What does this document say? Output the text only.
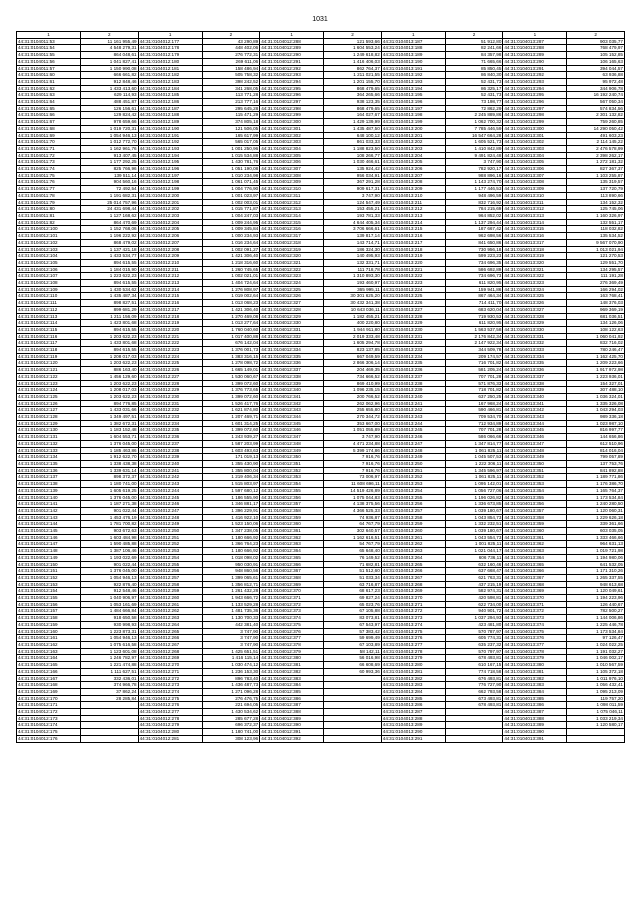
1031
1	2	1	2	1	2	1	2	1	2
44:31:0104011:53	11 161 955,49	44:31:0104012:177	43 290,89	44:31:0104012:288	121 593,66	44:31:0104013:187	51 912,80	44:31:0104013:287	903 035,77
44:31:0104011:54	4 548 279,31	44:31:0104012:178	448 402,06	44:31:0104012:289	1 604 553,24	44:31:0104013:188	82 241,66	44:31:0104013:288	768 479,97
44:31:0104011:55	864 048,61	44:31:0104012:179	276 772,31	44:31:0104012:290	1 249 618,82	44:31:0104013:189	84 357,98	44:31:0104013:289	105 152,85
44:31:0104011:56	1 041 827,41	44:31:0104012:180	269 611,06	44:31:0104012:291	1 416 406,03	44:31:0104013:190	71 665,66	44:31:0104013:290	106 165,63
44:31:0104011:57	1 150 990,08	44:31:0104012:181	158 486,94	44:31:0104012:292	862 764,37	44:31:0104013:191	85 850,45	44:31:0104013:291	394 044,57
44:31:0104011:60	666 661,82	44:31:0104012:182	505 758,32	44:31:0104012:293	1 211 021,55	44:31:0104013:192	86 840,30	44:31:0104013:292	63 936,88
44:31:0104011:61	912 848,46	44:31:0104012:183	398 242,52	44:31:0104012:294	1 201 155,70	44:31:0104013:193	52 431,73	44:31:0104013:293	95 972,48
44:31:0104011:62	1 433 413,60	44:31:0104012:184	341 268,05	44:31:0104012:295	868 479,65	44:31:0104013:194	86 325,17	44:31:0104013:294	344 906,78
44:31:0104011:63	629 114,93	44:31:0104012:185	113 771,28	44:31:0104012:296	364 265,66	44:31:0104013:195	52 431,73	44:31:0104013:295	16 192 240,74
44:31:0104011:64	488 451,87	44:31:0104012:186	213 777,16	44:31:0104012:297	938 123,35	44:31:0104013:196	73 198,77	44:31:0104013:296	567 050,34
44:31:0104011:65	126 156,61	44:31:0104012:187	295 645,28	44:31:0104012:298	868 479,65	44:31:0104013:197	72 862,29	44:31:0104013:297	574 834,56
44:31:0104011:66	129 824,42	44:31:0104012:188	115 471,29	44:31:0104012:299	164 027,67	44:31:0104013:198	2 245 889,86	44:31:0104013:298	2 301 132,82
44:31:0104011:67	978 659,66	44:31:0104012:189	374 805,18	44:31:0104012:300	1 429 139,99	44:31:0104013:199	1 062 700,32	44:31:0104013:299	759 260,85
44:31:0104011:68	1 019 720,31	44:31:0104012:190	121 506,05	44:31:0104012:301	1 435 487,50	44:31:0104013:200	7 785 446,59	44:31:0104013:300	14 290 050,42
44:31:0104011:69	1 054 946,13	44:31:0104012:191	165 617,99	44:31:0104012:302	648 100,12	44:31:0104013:201	16 547 664,28	44:31:0104013:301	491 603,23
44:31:0104011:70	1 012 772,70	44:31:0104012:192	565 017,05	44:31:0104012:303	861 033,33	44:31:0104013:202	1 605 521,73	44:31:0104013:302	2 114 145,22
44:31:0104011:71	1 162 961,76	44:31:0104012:193	1 001 250,96	44:31:0104012:304	1 188 823,50	44:31:0104013:203	1 410 842,89	44:31:0104013:303	2 476 578,99
44:31:0104011:72	913 407,45	44:31:0104012:194	1 015 534,88	44:31:0104012:305	108 266,77	44:31:0104013:204	9 491 824,48	44:31:0104013:304	2 398 262,17
44:31:0104011:73	1 177 292,25	44:31:0104012:195	1 430 781,76	44:31:0104012:306	1 030 466,61	44:31:0104013:205	3 747,90	44:31:0104013:305	1 272 181,32
44:31:0104011:74	825 766,96	44:31:0104012:196	1 051 190,08	44:31:0104012:307	135 924,42	44:31:0104013:206	782 920,17	44:31:0104013:306	827 367,37
44:31:0104011:75	139 511,14	44:31:0104012:197	1 010 234,98	44:31:0104012:308	956 034,91	44:31:0104013:207	988 896,16	44:31:0104013:307	1 103 255,87
44:31:0104011:76	904 560,16	44:31:0104012:198	1 061 071,45	44:31:0104012:309	367 291,28	44:31:0104013:208	1 143 274,70	44:31:0104013:308	135 319,57
44:31:0104011:77	72 492,54	44:31:0104012:199	1 004 776,90	44:31:0104012:310	909 617,31	44:31:0104013:209	1 177 446,53	44:31:0104013:309	137 720,79
44:31:0104011:78	1 191 682,31	44:31:0104012:200	1 001 023,97	44:31:0104012:311	3 747,90	44:31:0104013:210	948 496,59	44:31:0104013:310	113 890,66
44:31:0104011:79	25 014 757,96	44:31:0104012:201	1 002 003,01	44:31:0104012:312	124 547,49	44:31:0104013:211	832 716,92	44:31:0104013:311	134 152,32
44:31:0104011:80	24 431 698,44	44:31:0104012:202	1 015 771,87	44:31:0104012:313	153 455,21	44:31:0104013:212	784 215,69	44:31:0104013:312	125 745,06
44:31:0104011:81	1 127 168,62	44:31:0104012:203	1 004 247,03	44:31:0104012:314	193 781,33	44:31:0104013:213	964 852,02	44:31:0104013:313	1 160 326,97
44:31:0104011:82	864 470,69	44:31:0104012:204	1 009 244,95	44:31:0104012:315	4 644 405,34	44:31:0104013:214	1 137 294,44	44:31:0104013:314	132 551,17
44:31:0104012:100	1 152 768,06	44:31:0104012:205	1 009 345,84	44:31:0104012:316	3 706 666,61	44:31:0104013:215	187 667,42	44:31:0104013:315	118 032,82
44:31:0104012:101	1 196 222,92	44:31:0104012:206	1 000 234,93	44:31:0104012:317	139 817,14	44:31:0104013:216	962 698,56	44:31:0104013:316	135 534,52
44:31:0104012:102	868 479,02	44:31:0104012:207	1 016 234,64	44:31:0104012:318	143 714,71	44:31:0104013:217	841 650,86	44:31:0104013:317	9 567 070,90
44:31:0104012:103	1 137 421,18	44:31:0104012:208	1 002 091,27	44:31:0104012:319	186 324,30	44:31:0104013:218	730 956,18	44:31:0104013:318	1 013 021,94
44:31:0104012:104	1 433 534,77	44:31:0104012:209	1 421 306,40	44:31:0104012:320	140 495,93	44:31:0104013:219	599 223,23	44:31:0104013:319	121 270,53
44:31:0104012:105	894 615,55	44:31:0104012:210	1 218 316,60	44:31:0104012:321	132 331,71	44:31:0104013:220	734 696,35	44:31:0104013:320	129 551,70
44:31:0104012:106	1 184 015,90	44:31:0104012:211	1 260 745,65	44:31:0104012:322	111 718,78	44:31:0104013:221	586 692,89	44:31:0104013:321	134 295,57
44:31:0104012:107	1 223 622,23	44:31:0104012:212	1 002 021,01	44:31:0104012:323	1 310 893,30	44:31:0104013:222	734 696,73	44:31:0104013:322	111 191,28
44:31:0104012:108	894 615,55	44:31:0104012:213	1 404 724,64	44:31:0104012:324	193 460,97	44:31:0104013:223	611 820,95	44:31:0104013:323	276 369,49
44:31:0104012:109	1 430 534,62	44:31:0104012:214	1 276 808,97	44:31:0104012:325	365 995,11	44:31:0104013:224	159 941,86	44:31:0104013:324	166 294,02
44:31:0104012:110	1 435 487,34	44:31:0104012:215	1 019 002,64	44:31:0104012:326	30 301 625,20	44:31:0104013:225	867 464,34	44:31:0104013:325	163 768,41
44:31:0104012:111	898 827,51	44:31:0104012:216	1 013 068,23	44:31:0104012:327	30 432 341,38	44:31:0104013:226	714 411,70	44:31:0104013:326	148 376,03
44:31:0104012:112	899 681,29	44:31:0104012:217	1 421 306,40	44:31:0104012:328	10 643 036,11	44:31:0104013:227	683 620,04	44:31:0104013:327	969 369,19
44:31:0104012:113	1 211 156,09	44:31:0104012:218	1 270 469,08	44:31:0104012:329	1 182 455,21	44:31:0104013:228	719 930,53	44:31:0104013:328	681 036,51
44:31:0104012:114	1 423 801,68	44:31:0104012:219	1 013 277,64	44:31:0104012:330	400 220,80	44:31:0104013:229	611 820,95	44:31:0104013:329	134 126,06
44:31:0104012:115	894 615,55	44:31:0104012:220	1 760 040,60	44:31:0104012:331	1 944 911,80	44:31:0104013:230	1 563 537,58	44:31:0104013:330	108 122,63
44:31:0104012:116	1 203 622,23	44:31:0104012:221	1 017 400,88	44:31:0104012:332	2 019 333,48	44:31:0104013:231	2 176 842,34	44:31:0104013:331	1 060 041,92
44:31:0104012:117	1 433 801,68	44:31:0104012:222	676 142,04	44:31:0104012:333	1 605 294,78	44:31:0104013:232	2 147 922,34	44:31:0104013:332	832 716,02
44:31:0104012:118	894 615,55	44:31:0104012:223	1 376 001,73	44:31:0104012:334	823 137,85	44:31:0104013:233	344 509,78	44:31:0104013:333	780 246,47
44:31:0104012:119	1 208 017,03	44:31:0104012:224	1 383 316,15	44:31:0104012:335	667 049,59	44:31:0104013:234	209 174,57	44:31:0104013:334	1 162 425,70
44:31:0104012:120	1 203 622,23	44:31:0104012:225	1 278 098,72	44:31:0104012:336	2 866 306,14	44:31:0104013:235	716 701,82	44:31:0104013:335	1 209 223,66
44:31:0104012:121	886 163,40	44:31:0104012:226	1 665 149,01	44:31:0104012:337	204 469,35	44:31:0104013:236	581 205,24	44:31:0104013:336	1 917 972,98
44:31:0104012:122	1 456 129,60	44:31:0104012:227	1 530 060,67	44:31:0104012:338	734 666,52	44:31:0104013:237	707 701,28	44:31:0104013:337	1 223 936,01
44:31:0104012:123	1 203 622,23	44:31:0104012:228	1 399 072,60	44:31:0104012:339	869 410,99	44:31:0104013:238	571 876,33	44:31:0104013:338	154 327,01
44:31:0104012:124	1 208 017,03	44:31:0104012:229	1 376 773,65	44:31:0104012:340	1 096 235,15	44:31:0104013:239	718 701,82	44:31:0104013:339	307 488,10
44:31:0104012:125	1 203 622,23	44:31:0104012:230	1 399 072,60	44:31:0104012:341	200 766,52	44:31:0104013:240	637 250,25	44:31:0104013:340	1 036 324,01
44:31:0104012:126	894 776,85	44:31:0104012:231	1 526 417,76	44:31:0104012:342	262 062,96	44:31:0104013:241	167 968,24	44:31:0104013:341	1 335 326,08
44:31:0104012:127	1 433 031,66	44:31:0104012:232	1 621 874,80	44:31:0104012:343	255 655,80	44:31:0104013:242	590 466,81	44:31:0104013:342	1 043 294,03
44:31:0104012:128	1 349 497,51	44:31:0104012:233	1 207 469,71	44:31:0104012:344	270 344,72	44:31:0104013:243	709 534,70	44:31:0104013:343	989 336,18
44:31:0104012:129	1 382 672,31	44:31:0104012:234	1 601 314,25	44:31:0104012:345	353 667,00	44:31:0104013:244	712 934,89	44:31:0104013:344	1 023 987,10
44:31:0104012:130	1 183 152,48	44:31:0104012:235	1 399 072,60	44:31:0104012:346	1 051 055,89	44:31:0104013:245	707 701,28	44:31:0104013:345	816 997,77
44:31:0104012:131	1 604 553,71	44:31:0104012:236	1 243 939,27	44:31:0104012:347	3 747,90	44:31:0104013:246	586 066,66	44:31:0104013:346	144 656,86
44:31:0104012:132	1 376 045,00	44:31:0104012:237	1 587 203,99	44:31:0104012:348	4 471 234,88	44:31:0104013:247	1 347 814,77	44:31:0104013:347	612 510,96
44:31:0104012:133	1 185 463,86	44:31:0104012:238	1 603 493,63	44:31:0104012:349	5 399 174,86	44:31:0104013:248	1 061 825,11	44:31:0104013:348	814 016,04
44:31:0104012:134	1 912 622,70	44:31:0104012:239	171 019,13	44:31:0104012:350	7 916,76	44:31:0104013:249	1 045 507,53	44:31:0104013:349	799 057,89
44:31:0104012:135	1 338 438,38	44:31:0104012:240	1 355 430,90	44:31:0104012:351	7 916,76	44:31:0104013:250	1 222 306,11	44:31:0104013:350	137 753,76
44:31:0104012:136	1 339 631,14	44:31:0104012:241	1 355 800,04	44:31:0104012:352	7 916,76	44:31:0104013:251	1 345 596,97	44:31:0104013:351	841 892,88
44:31:0104012:137	898 372,37	44:31:0104012:242	1 219 406,34	44:31:0104012:353	73 006,97	44:31:0104013:252	1 061 825,11	44:31:0104013:352	1 189 771,86
44:31:0104012:138	1 180 741,00	44:31:0104012:243	1 515 803,97	44:31:0104012:354	11 608 696,11	44:31:0104013:253	1 095 142,01	44:31:0104013:353	1 176 386,70
44:31:0104012:139	1 605 619,25	44:31:0104012:244	1 597 680,12	44:31:0104012:355	14 519 426,89	44:31:0104013:254	1 056 727,06	44:31:0104013:354	1 165 764,37
44:31:0104012:140	1 376 045,00	44:31:0104012:245	1 186 555,90	44:31:0104012:356	1 075 044,83	44:31:0104013:255	1 196 026,82	44:31:0104013:355	1 173 534,84
44:31:0104012:141	1 187 271,38	44:31:0104012:246	1 346 881,17	44:31:0104012:357	4 138 375,56	44:31:0104013:256	1 336 673,85	44:31:0104013:356	1 240 280,50
44:31:0104012:142	901 022,44	44:31:0104012:247	1 396 229,91	44:31:0104012:358	4 366 525,33	44:31:0104013:257	1 039 180,67	44:31:0104013:357	1 120 060,31
44:31:0104012:143	1 453 476,19	44:31:0104012:248	1 416 922,10	44:31:0104012:359	74 936,87	44:31:0104013:258	1 043 854,73	44:31:0104013:358	1 229 626,18
44:31:0104012:144	1 781 700,82	44:31:0104012:249	1 523 150,06	44:31:0104012:360	64 767,79	44:31:0104013:259	1 332 232,51	44:31:0104013:359	339 361,66
44:31:0104012:145	903 672,63	44:31:0104012:250	1 347 238,05	44:31:0104012:361	302 640,57	44:31:0104013:260	1 039 180,67	44:31:0104013:360	603 035,05
44:31:0104012:146	1 603 484,98	44:31:0104012:251	1 180 666,92	44:31:0104012:362	1 162 616,51	44:31:0104013:261	1 043 554,73	44:31:0104013:361	1 333 466,66
44:31:0104012:147	1 590 485,88	44:31:0104012:252	1 366 764,23	44:31:0104012:363	54 767,79	44:31:0104013:262	1 001 825,11	44:31:0104013:362	964 631,13
44:31:0104012:148	1 387 106,46	44:31:0104012:253	1 180 666,92	44:31:0104012:364	65 648,40	44:31:0104013:263	1 021 044,17	44:31:0104013:363	1 019 721,98
44:31:0104012:149	1 193 022,69	44:31:0104012:254	1 018 098,02	44:31:0104012:365	76 149,52	44:31:0104013:264	606 736,11	44:31:0104013:364	1 194 980,06
44:31:0104012:150	901 022,44	44:31:0104012:255	950 030,91	44:31:0104012:366	71 682,81	44:31:0104013:265	632 160,46	44:31:0104013:365	641 532,05
44:31:0104012:151	1 376 045,00	44:31:0104012:256	948 860,56	44:31:0104012:367	51 512,60	44:31:0104013:266	637 668,47	44:31:0104013:366	1 171 310,26
44:31:0104012:152	1 054 946,13	44:31:0104012:257	1 399 065,61	44:31:0104012:368	51 033,34	44:31:0104013:267	621 763,31	44:31:0104013:367	1 265 337,55
44:31:0104012:153	922 876,40	44:31:0104012:258	1 356 812,71	44:31:0104012:369	63 716,87	44:31:0104013:268	437 215,19	44:31:0104013:368	948 613,68
44:31:0104012:154	912 548,46	44:31:0104012:259	1 261 432,28	44:31:0104012:370	68 617,23	44:31:0104013:269	582 974,31	44:31:0104013:369	1 120 049,61
44:31:0104012:155	1 040 906,97	44:31:0104012:260	1 943 666,72	44:31:0104012:371	69 827,24	44:31:0104013:270	420 598,81	44:31:0104013:370	1 194 223,96
44:31:0104012:156	1 053 161,69	44:31:0104012:261	1 133 529,28	44:31:0104012:372	65 023,76	44:31:0104013:271	622 734,00	44:31:0104013:371	126 440,67
44:31:0104012:157	1 484 666,84	44:31:0104012:262	1 481 735,36	44:31:0104012:373	67 105,88	44:31:0104013:272	940 901,72	44:31:0104013:372	782 500,27
44:31:0104012:158	918 650,58	44:31:0104012:263	1 130 700,33	44:31:0104012:374	83 073,81	44:31:0104013:273	1 037 294,93	44:31:0104013:373	1 144 006,86
44:31:0104012:159	930 998,93	44:31:0104012:264	442 381,40	44:31:0104012:375	67 543,97	44:31:0104013:274	423 481,80	44:31:0104013:374	1 225 446,78
44:31:0104012:160	1 223 873,31	44:31:0104012:265	3 747,90	44:31:0104012:376	57 383,42	44:31:0104013:275	570 787,97	44:31:0104013:375	1 173 534,84
44:31:0104012:161	1 054 946,13	44:31:0104012:266	3 747,90	44:31:0104012:377	59 699,49	44:31:0104013:276	605 774,31	44:31:0104013:376	97 126,47
44:31:0104012:162	1 075 616,58	44:31:0104012:267	3 747,90	44:31:0104012:378	67 103,89	44:31:0104013:277	635 237,32	44:31:0104013:377	1 024 022,25
44:31:0104012:163	1 123 601,08	44:31:0104012:268	1 425 651,51	44:31:0104012:379	58 142,11	44:31:0104013:278	570 797,97	44:31:0104013:378	1 191 032,27
44:31:0104012:164	1 246 782,97	44:31:0104012:269	1 416 115,14	44:31:0104012:380	56 016,98	44:31:0104013:279	678 493,81	44:31:0104013:379	1 046 002,17
44:31:0104012:165	1 221 474,88	44:31:0104012:270	1 030 474,12	44:31:0104012:381	66 608,69	44:31:0104013:280	610 167,15	44:31:0104013:380	1 010 567,59
44:31:0104012:166	1 111 627,51	44:31:0104012:271	1 236 153,30	44:31:0104012:382	60 993,36	44:31:0104013:281	774 718,58	44:31:0104013:381	1 105 372,18
44:31:0104012:167	332 436,01	44:31:0104012:272	896 783,40	44:31:0104012:383		44:31:0104013:282	676 493,81	44:31:0104013:382	1 011 976,10
44:31:0104012:168	374 966,78	44:31:0104012:273	1 436 487,73	44:31:0104012:384		44:31:0104013:283	776 727,90	44:31:0104013:383	1 056 432,41
44:31:0104012:169	37 862,24	44:31:0104012:274	1 271 096,28	44:31:0104012:385		44:31:0104013:284	662 793,58	44:31:0104013:384	1 095 213,09
44:31:0104012:170	28 285,84	44:31:0104012:275	276 476,75	44:31:0104012:386		44:31:0104013:285	673 493,81	44:31:0104013:385	119 757,20
44:31:0104012:171		44:31:0104012:276	221 694,05	44:31:0104012:387		44:31:0104013:286	678 493,81	44:31:0104013:386	1 098 011,59
44:31:0104012:172		44:31:0104012:277	1 430 534,62	44:31:0104012:388		44:31:0104013:287		44:31:0104013:387	1 075 046,11
44:31:0104012:173		44:31:0104012:278	285 677,28	44:31:0104012:389		44:31:0104013:288		44:31:0104013:388	1 033 219,34
44:31:0104012:174		44:31:0104012:279	696 372,37	44:31:0104012:390		44:31:0104013:289		44:31:0104013:389	1 120 580,17
44:31:0104012:175		44:31:0104012:280	1 180 741,00	44:31:0104012:391		44:31:0104013:290		44:31:0104013:390	
44:31:0104012:176		44:31:0104012:281	308 123,96	44:31:0104012:392		44:31:0104013:291		44:31:0104013:391	
